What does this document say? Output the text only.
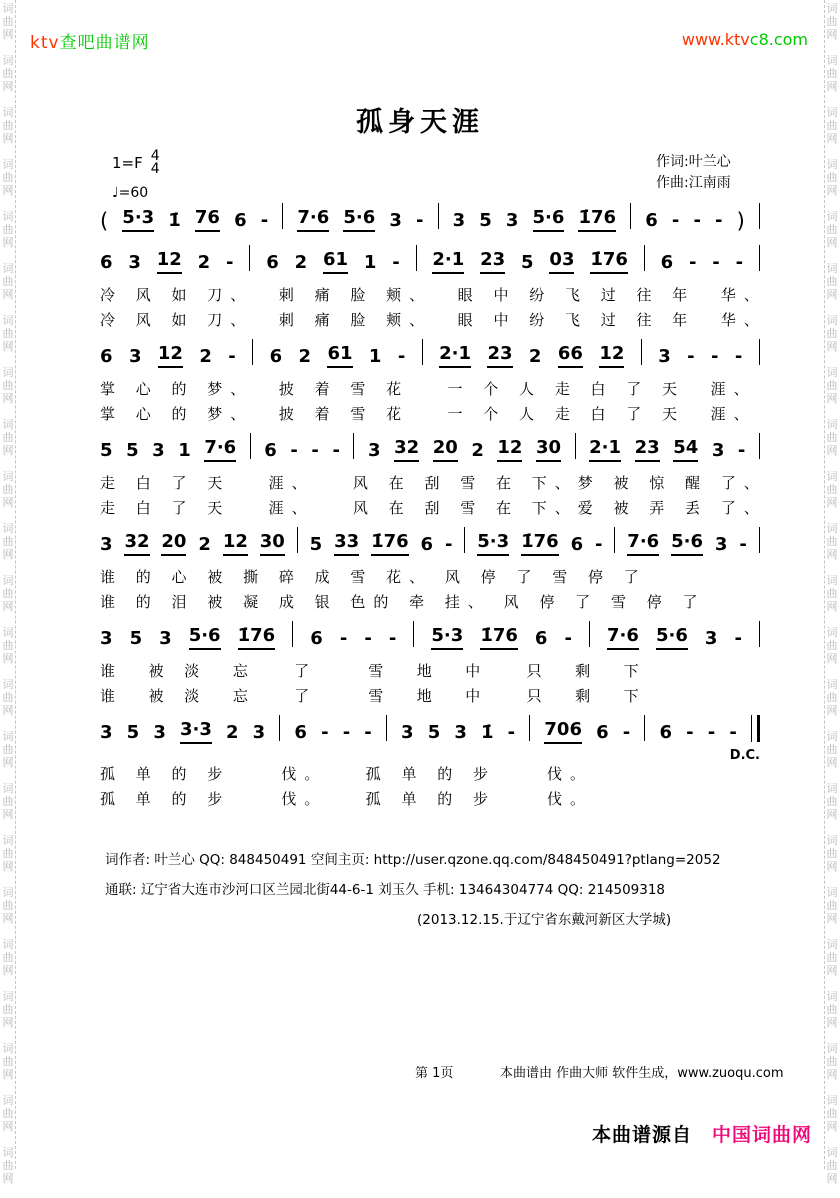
词
曲
网
词
曲
网
词
曲
网
词
曲
网
词
曲
网
词
曲
网
词
曲
网
词
曲
网
词
曲
网
词
曲
网
词
曲
网
词
曲
网
词
曲
网
词
曲
网
词
曲
网
词
曲
网
词
曲
网
词
曲
网
词
曲
网
词
曲
网
词
曲
网
词
曲
网
词
曲
网
词
曲
网
词
曲
网
词
曲
网
词
曲
网
词
曲
网
词
曲
网
词
曲
网
词
曲
网
词
曲
网
词
曲
网
词
曲
网
词
曲
网
词
曲
网
词
曲
网
词
曲
网
词
曲
网
词
曲
网
词
曲
网
词
曲
网
词
曲
网
词
曲
网
词
曲
网
词
曲
网
ktv查吧曲谱网	www.ktvc8.com
孤身天涯
1=F 4
4
♩=60
作词:叶兰心
作曲:江南雨
( 5·3 1̇ 76 6 - 7·6 5·6 3 - 3 5 3 5·6 1̇76 6 - - - )
6 3 12 2 - 6 2 61 1 - 2·1 23 5 03 1̇76 6 - - -
冷 风 如 刀、  刺 痛 脸 颊、  眼 中 纷 飞 过 往 年  华、
冷 风 如 刀、  刺 痛 脸 颊、  眼 中 纷 飞 过 往 年  华、
6 3 12 2 - 6 2 61 1 - 2·1 23 2 66 12 3 - - -
掌 心 的 梦、  披 着 雪 花   一 个 人 走 白 了 天  涯、
掌 心 的 梦、  披 着 雪 花   一 个 人 走 白 了 天  涯、
5 5 3 1 7·6 6 - - - 3 32 20 2 12 30 2·1 23 54 3 -
走 白 了 天   涯、   风 在 刮 雪 在 下、梦 被 惊 醒 了、
走 白 了 天   涯、   风 在 刮 雪 在 下、爱 被 弄 丢 了、
3 32 20 2 12 30 5 33 1̇76 6 - 5·3 1̇76 6 - 7·6 5·6 3 -
谁 的 心 被 撕 碎 成 雪 花、 风 停 了 雪 停 了
谁 的 泪 被 凝 成 银 色的 牵 挂、 风 停 了 雪 停 了
3 5 3 5·6 1̇76 6 - - - 5·3 1̇76 6 - 7·6 5·6 3 -
谁  被 淡  忘   了    雪  地  中   只  剩  下
谁  被 淡  忘   了    雪  地  中   只  剩  下
3 5 3 3·3 2 3 6 - - - 3 5 3 1̇ - 706 6 - 6 - - -
D.C.
孤 单 的 步    伐。   孤 单 的 步    伐。
孤 单 的 步    伐。   孤 单 的 步    伐。
词作者: 叶兰心 QQ: 848450491 空间主页: http://user.qzone.qq.com/848450491?ptlang=2052
通联: 辽宁省大连市沙河口区兰园北街44-6-1 刘玉久 手机: 13464304774 QQ: 214509318
(2013.12.15.于辽宁省东戴河新区大学城)
第 1页	本曲谱由 作曲大师 软件生成，www.zuoqu.com
本曲谱源自 中国词曲网
